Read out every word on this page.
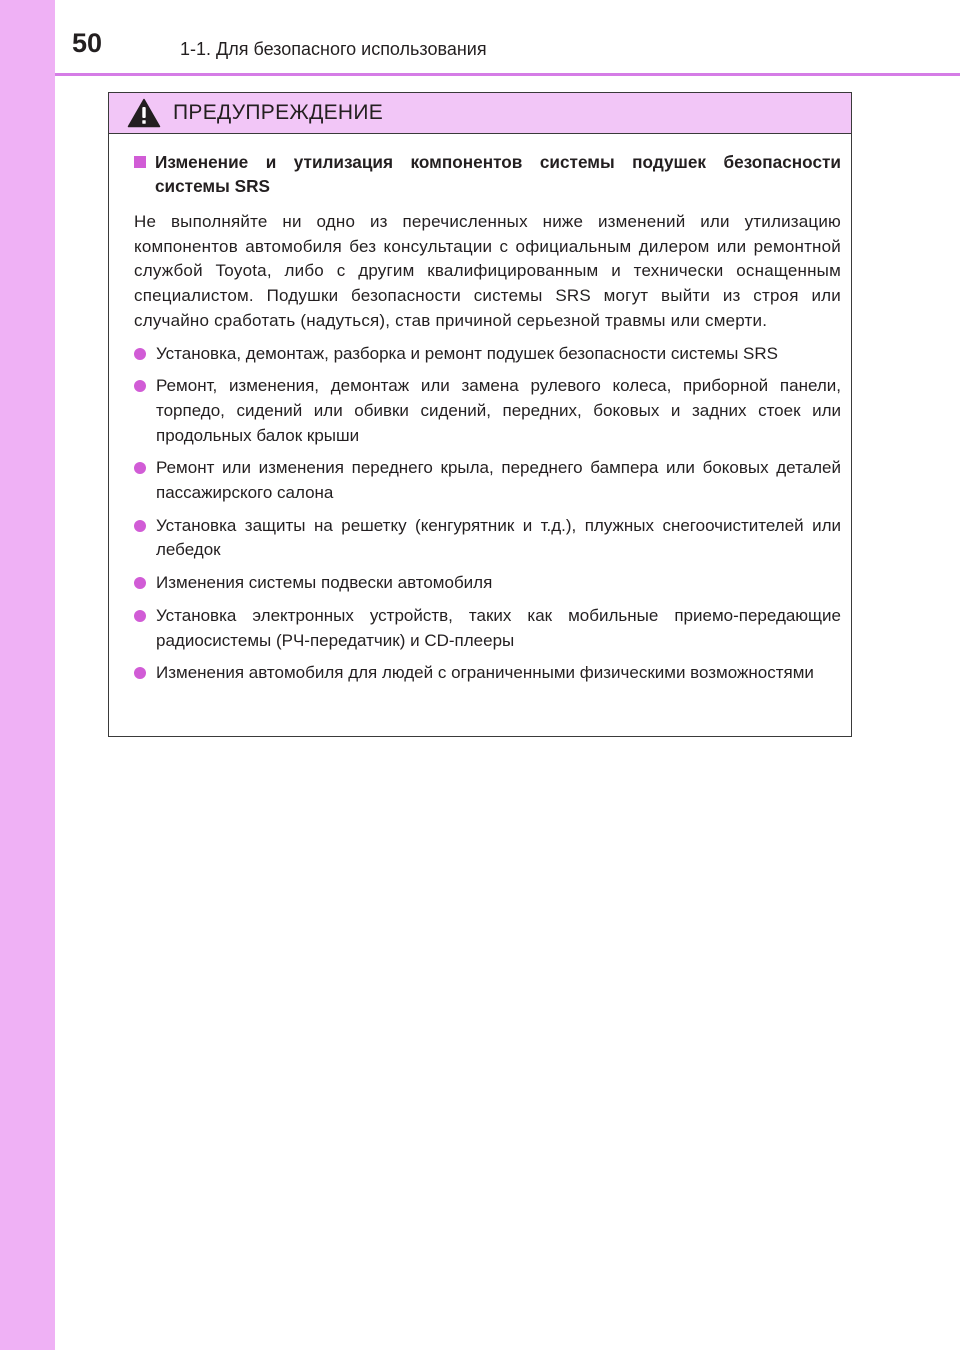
50	1-1. Для безопасного использования
ПРЕДУПРЕЖДЕНИЕ
Изменение и утилизация компонентов системы подушек безопасности системы SRS

Не выполняйте ни одно из перечисленных ниже изменений или утилизацию компонентов автомобиля без консультации с официальным дилером или ремонтной службой Toyota, либо с другим квалифицированным и технически оснащенным специалистом. Подушки безопасности системы SRS могут выйти из строя или случайно сработать (надуться), став причиной серьезной травмы или смерти.

Установка, демонтаж, разборка и ремонт подушек безопасности системы SRS
Ремонт, изменения, демонтаж или замена рулевого колеса, приборной панели, торпедо, сидений или обивки сидений, передних, боковых и задних стоек или продольных балок крыши
Ремонт или изменения переднего крыла, переднего бампера или боковых деталей пассажирского салона
Установка защиты на решетку (кенгурятник и т.д.), плужных снегоочистителей или лебедок
Изменения системы подвески автомобиля
Установка электронных устройств, таких как мобильные приемо-передающие радиосистемы (РЧ-передатчик) и CD-плееры
Изменения автомобиля для людей с ограниченными физическими возможностями
